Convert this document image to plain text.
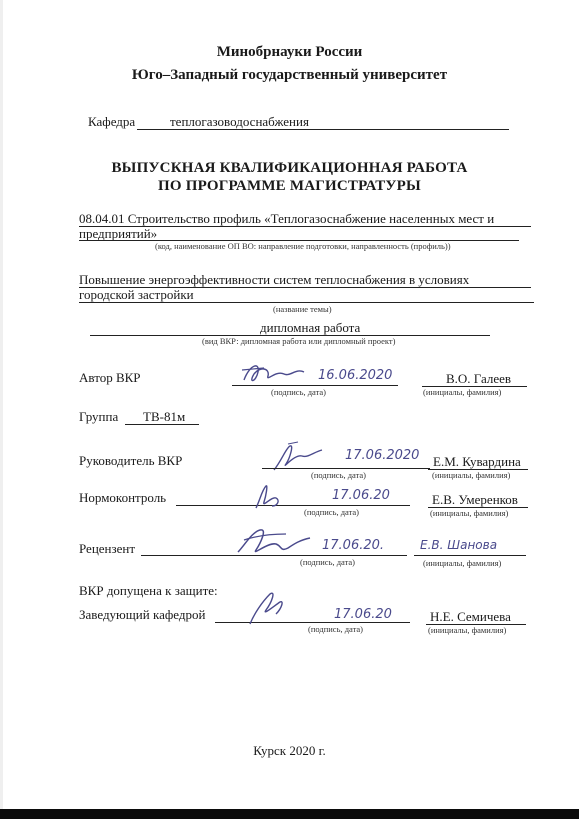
Минобрнауки России
Юго–Западный государственный университет
Кафедра	теплогазоводоснабжения
ВЫПУСКНАЯ КВАЛИФИКАЦИОННАЯ РАБОТА
ПО ПРОГРАММЕ МАГИСТРАТУРЫ
08.04.01 Строительство профиль «Теплогазоснабжение населенных мест и
предприятий»
(код, наименование ОП ВО: направление подготовки, направленность (профиль))
Повышение энергоэффективности систем теплоснабжения в условиях
городской застройки
(название темы)
дипломная работа
(вид ВКР: дипломная работа или дипломный проект)
Автор ВКР	16.06.2020	В.О. Галеев
(подпись, дата)	(инициалы, фамилия)
Группа ТВ-81м
Руководитель ВКР	17.06.2020 Е.М. Кувардина
(подпись, дата)	(инициалы, фамилия)
Нормоконтроль	17.06.20	Е.В. Умеренков
(подпись, дата)	(инициалы, фамилия)
Рецензент	17.06.20.	Е.В. Шанова
(подпись, дата)	(инициалы, фамилия)
ВКР допущена к защите:
Заведующий кафедрой	17.06.20	Н.Е. Семичева
(подпись, дата)	(инициалы, фамилия)
Курск 2020 г.
